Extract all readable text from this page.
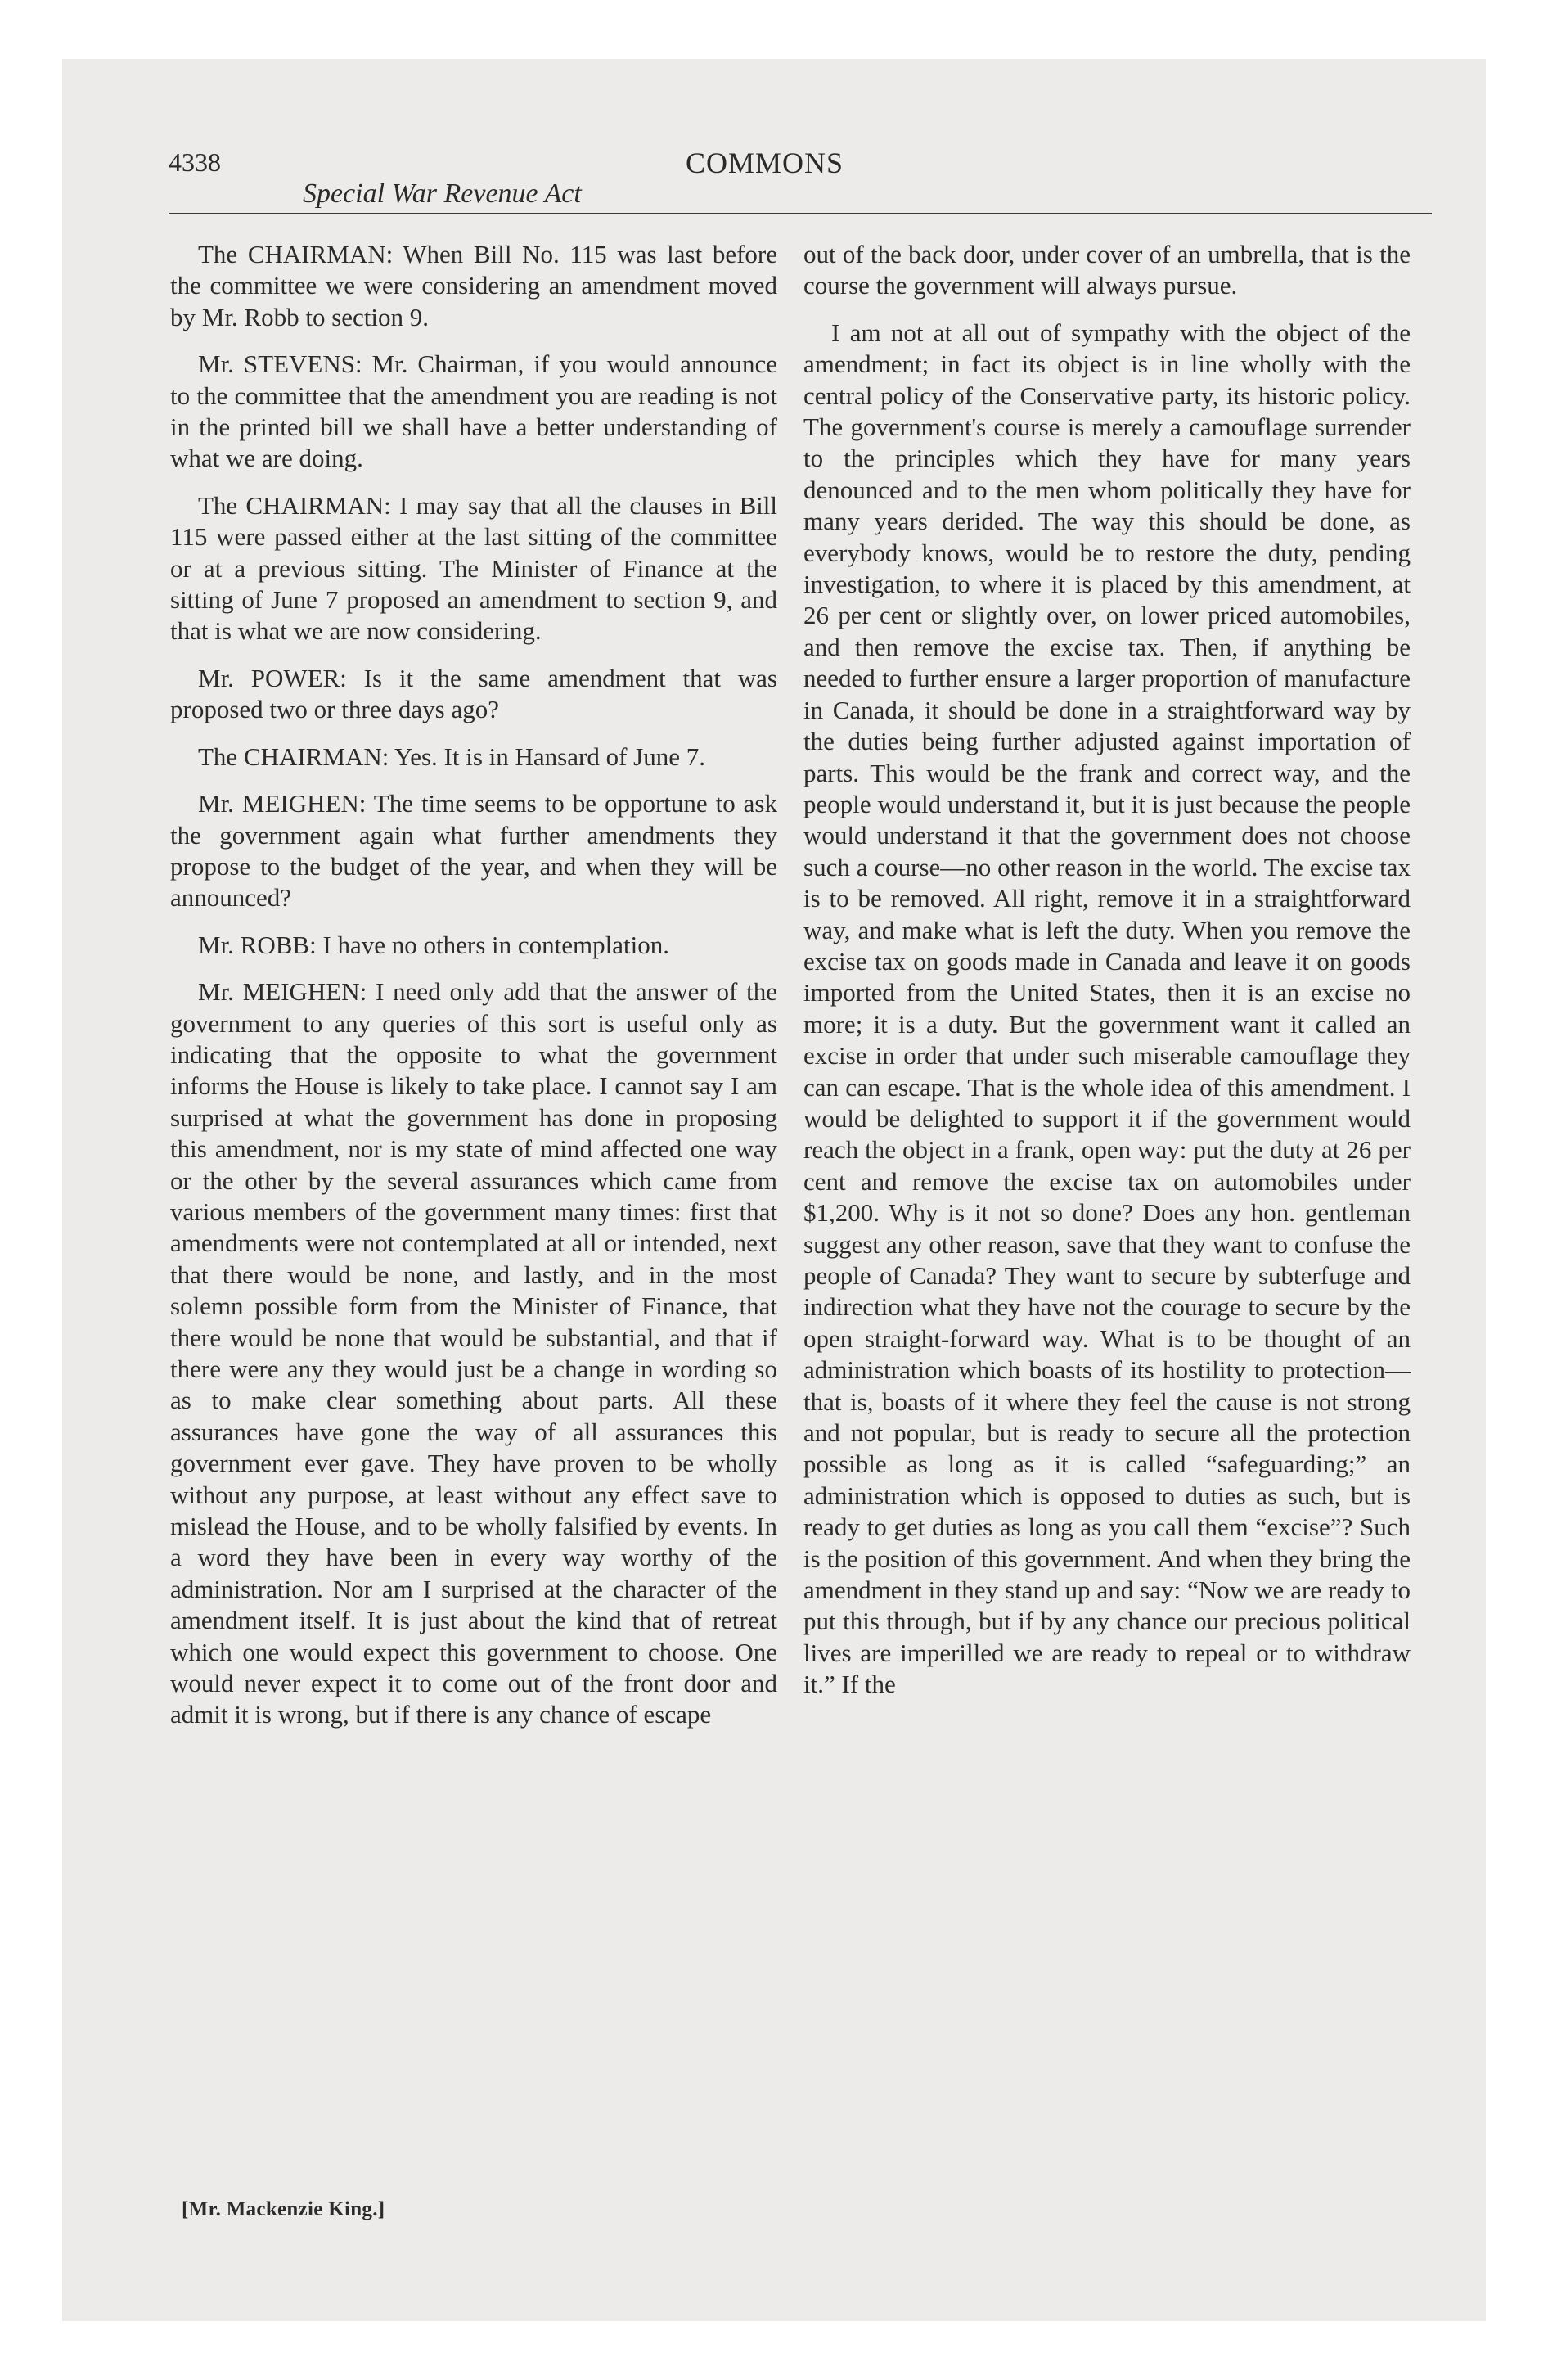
4338	COMMONS
Special War Revenue Act

The CHAIRMAN: When Bill No. 115 was last before the committee we were considering an amendment moved by Mr. Robb to section 9.

Mr. STEVENS: Mr. Chairman, if you would announce to the committee that the amendment you are reading is not in the printed bill we shall have a better understanding of what we are doing.

The CHAIRMAN: I may say that all the clauses in Bill 115 were passed either at the last sitting of the committee or at a previous sitting. The Minister of Finance at the sitting of June 7 proposed an amendment to section 9, and that is what we are now considering.

Mr. POWER: Is it the same amendment that was proposed two or three days ago?

The CHAIRMAN: Yes. It is in Hansard of June 7.

Mr. MEIGHEN: The time seems to be opportune to ask the government again what further amendments they propose to the budget of the year, and when they will be announced?

Mr. ROBB: I have no others in contemplation.

Mr. MEIGHEN: I need only add that the answer of the government to any queries of this sort is useful only as indicating that the opposite to what the government informs the House is likely to take place. I cannot say I am surprised at what the government has done in proposing this amendment, nor is my state of mind affected one way or the other by the several assurances which came from various members of the government many times: first that amendments were not contemplated at all or intended, next that there would be none, and lastly, and in the most solemn possible form from the Minister of Finance, that there would be none that would be substantial, and that if there were any they would just be a change in wording so as to make clear something about parts. All these assurances have gone the way of all assurances this government ever gave. They have proven to be wholly without any purpose, at least without any effect save to mislead the House, and to be wholly falsified by events. In a word they have been in every way worthy of the administration. Nor am I surprised at the character of the amendment itself. It is just about the kind that of retreat which one would expect this government to choose. One would never expect it to come out of the front door and admit it is wrong, but if there is any chance of escape

out of the back door, under cover of an umbrella, that is the course the government will always pursue.

I am not at all out of sympathy with the object of the amendment; in fact its object is in line wholly with the central policy of the Conservative party, its historic policy. The government's course is merely a camouflage surrender to the principles which they have for many years denounced and to the men whom politically they have for many years derided. The way this should be done, as everybody knows, would be to restore the duty, pending investigation, to where it is placed by this amendment, at 26 per cent or slightly over, on lower priced automobiles, and then remove the excise tax. Then, if anything be needed to further ensure a larger proportion of manufacture in Canada, it should be done in a straightforward way by the duties being further adjusted against importation of parts. This would be the frank and correct way, and the people would understand it, but it is just because the people would understand it that the government does not choose such a course—no other reason in the world. The excise tax is to be removed. All right, remove it in a straightforward way, and make what is left the duty. When you remove the excise tax on goods made in Canada and leave it on goods imported from the United States, then it is an excise no more; it is a duty. But the government want it called an excise in order that under such miserable camouflage they can can escape. That is the whole idea of this amendment. I would be delighted to support it if the government would reach the object in a frank, open way: put the duty at 26 per cent and remove the excise tax on automobiles under $1,200. Why is it not so done? Does any hon. gentleman suggest any other reason, save that they want to confuse the people of Canada? They want to secure by subterfuge and indirection what they have not the courage to secure by the open straight-forward way. What is to be thought of an administration which boasts of its hostility to protection—that is, boasts of it where they feel the cause is not strong and not popular, but is ready to secure all the protection possible as long as it is called “safeguarding;” an administration which is opposed to duties as such, but is ready to get duties as long as you call them “excise”? Such is the position of this government. And when they bring the amendment in they stand up and say: “Now we are ready to put this through, but if by any chance our precious political lives are imperilled we are ready to repeal or to withdraw it.” If the

[Mr. Mackenzie King.]
